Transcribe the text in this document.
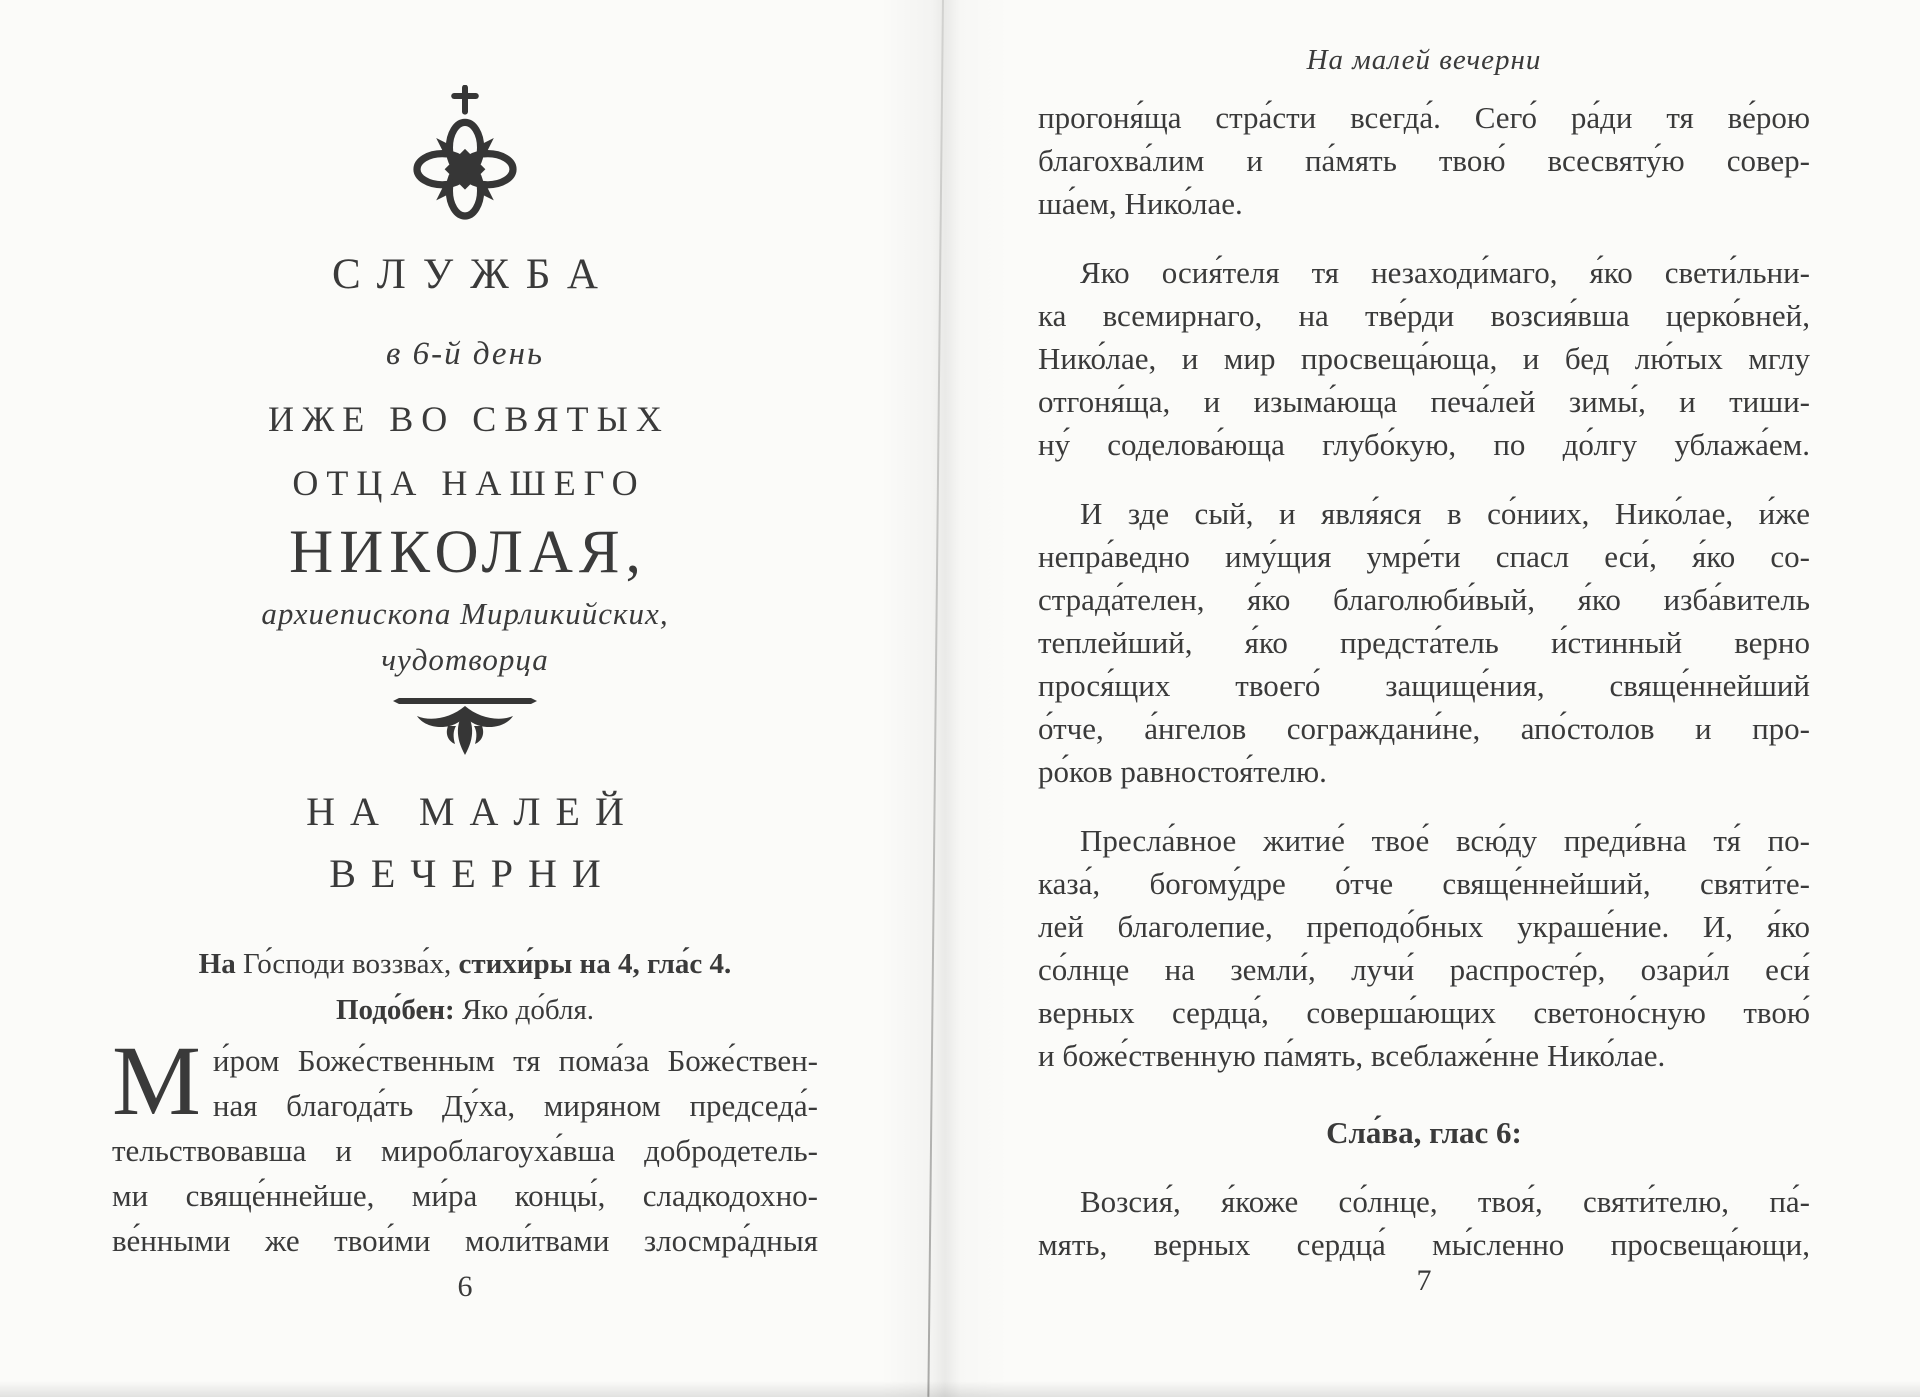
СЛУЖБА
в 6-й день
ИЖЕ ВО СВЯТЫХ
ОТЦА НАШЕГО
НИКОЛАЯ,
архиепископа Мирликийских,
чудотворца
НА МАЛЕЙ
ВЕЧЕРНИ
На Го́споди воззва́х, стихи́ры на 4, гла́с 4.
Подо́бен: Яко до́бля.
М и́ром Боже́ственным тя пома́за Боже́ствен-
ная благода́ть Ду́ха, миряном председа́-
тельствовавша и мироблагоуха́вша добродетель-
ми свяще́ннейше, ми́ра концы́, сладкодохно-
ве́нными же твои́ми моли́твами злосмра́дныя
6
На малей вечерни
прогоня́ща стра́сти всегда́. Сего́ ра́ди тя ве́рою
благохва́лим и па́мять твою́ всесвяту́ю совер-
ша́ем, Нико́лае.
Яко осия́теля тя незаходи́маго, я́ко свети́льни-
ка всемирнаго, на тве́рди возсия́вша церко́вней,
Нико́лае, и мир просвеща́юща, и бед лю́тых мглу
отгоня́ща, и изыма́юща печа́лей зимы́, и тиши-
ну́ соделова́юща глубо́кую, по до́лгу ублажа́ем.
И зде сый, и явля́яся в со́ниих, Нико́лае, и́же
непра́ведно иму́щия умре́ти спасл еси́, я́ко со-
страда́телен, я́ко благолюби́вый, я́ко изба́витель
теплейший, я́ко предста́тель и́стинный верно
прося́щих твоего́ защище́ния, свяще́ннейший
о́тче, а́нгелов сограждани́не, апо́столов и про-
ро́ков равностоя́телю.
Пресла́вное житие́ твое́ всю́ду преди́вна тя́ по-
каза́, богому́дре о́тче свяще́ннейший, святи́те-
лей благолепие, преподо́бных украше́ние. И, я́ко
со́лнце на земли́, лучи́ распросте́р, озари́л еси́
верных сердца́, соверша́ющих светоно́сную твою́
и боже́ственную па́мять, всеблаже́нне Нико́лае.
Сла́ва, глас 6:
Возсия́, я́коже со́лнце, твоя́, святи́телю, па́-
мять, верных сердца́ мы́сленно просвеща́ющи,
7
